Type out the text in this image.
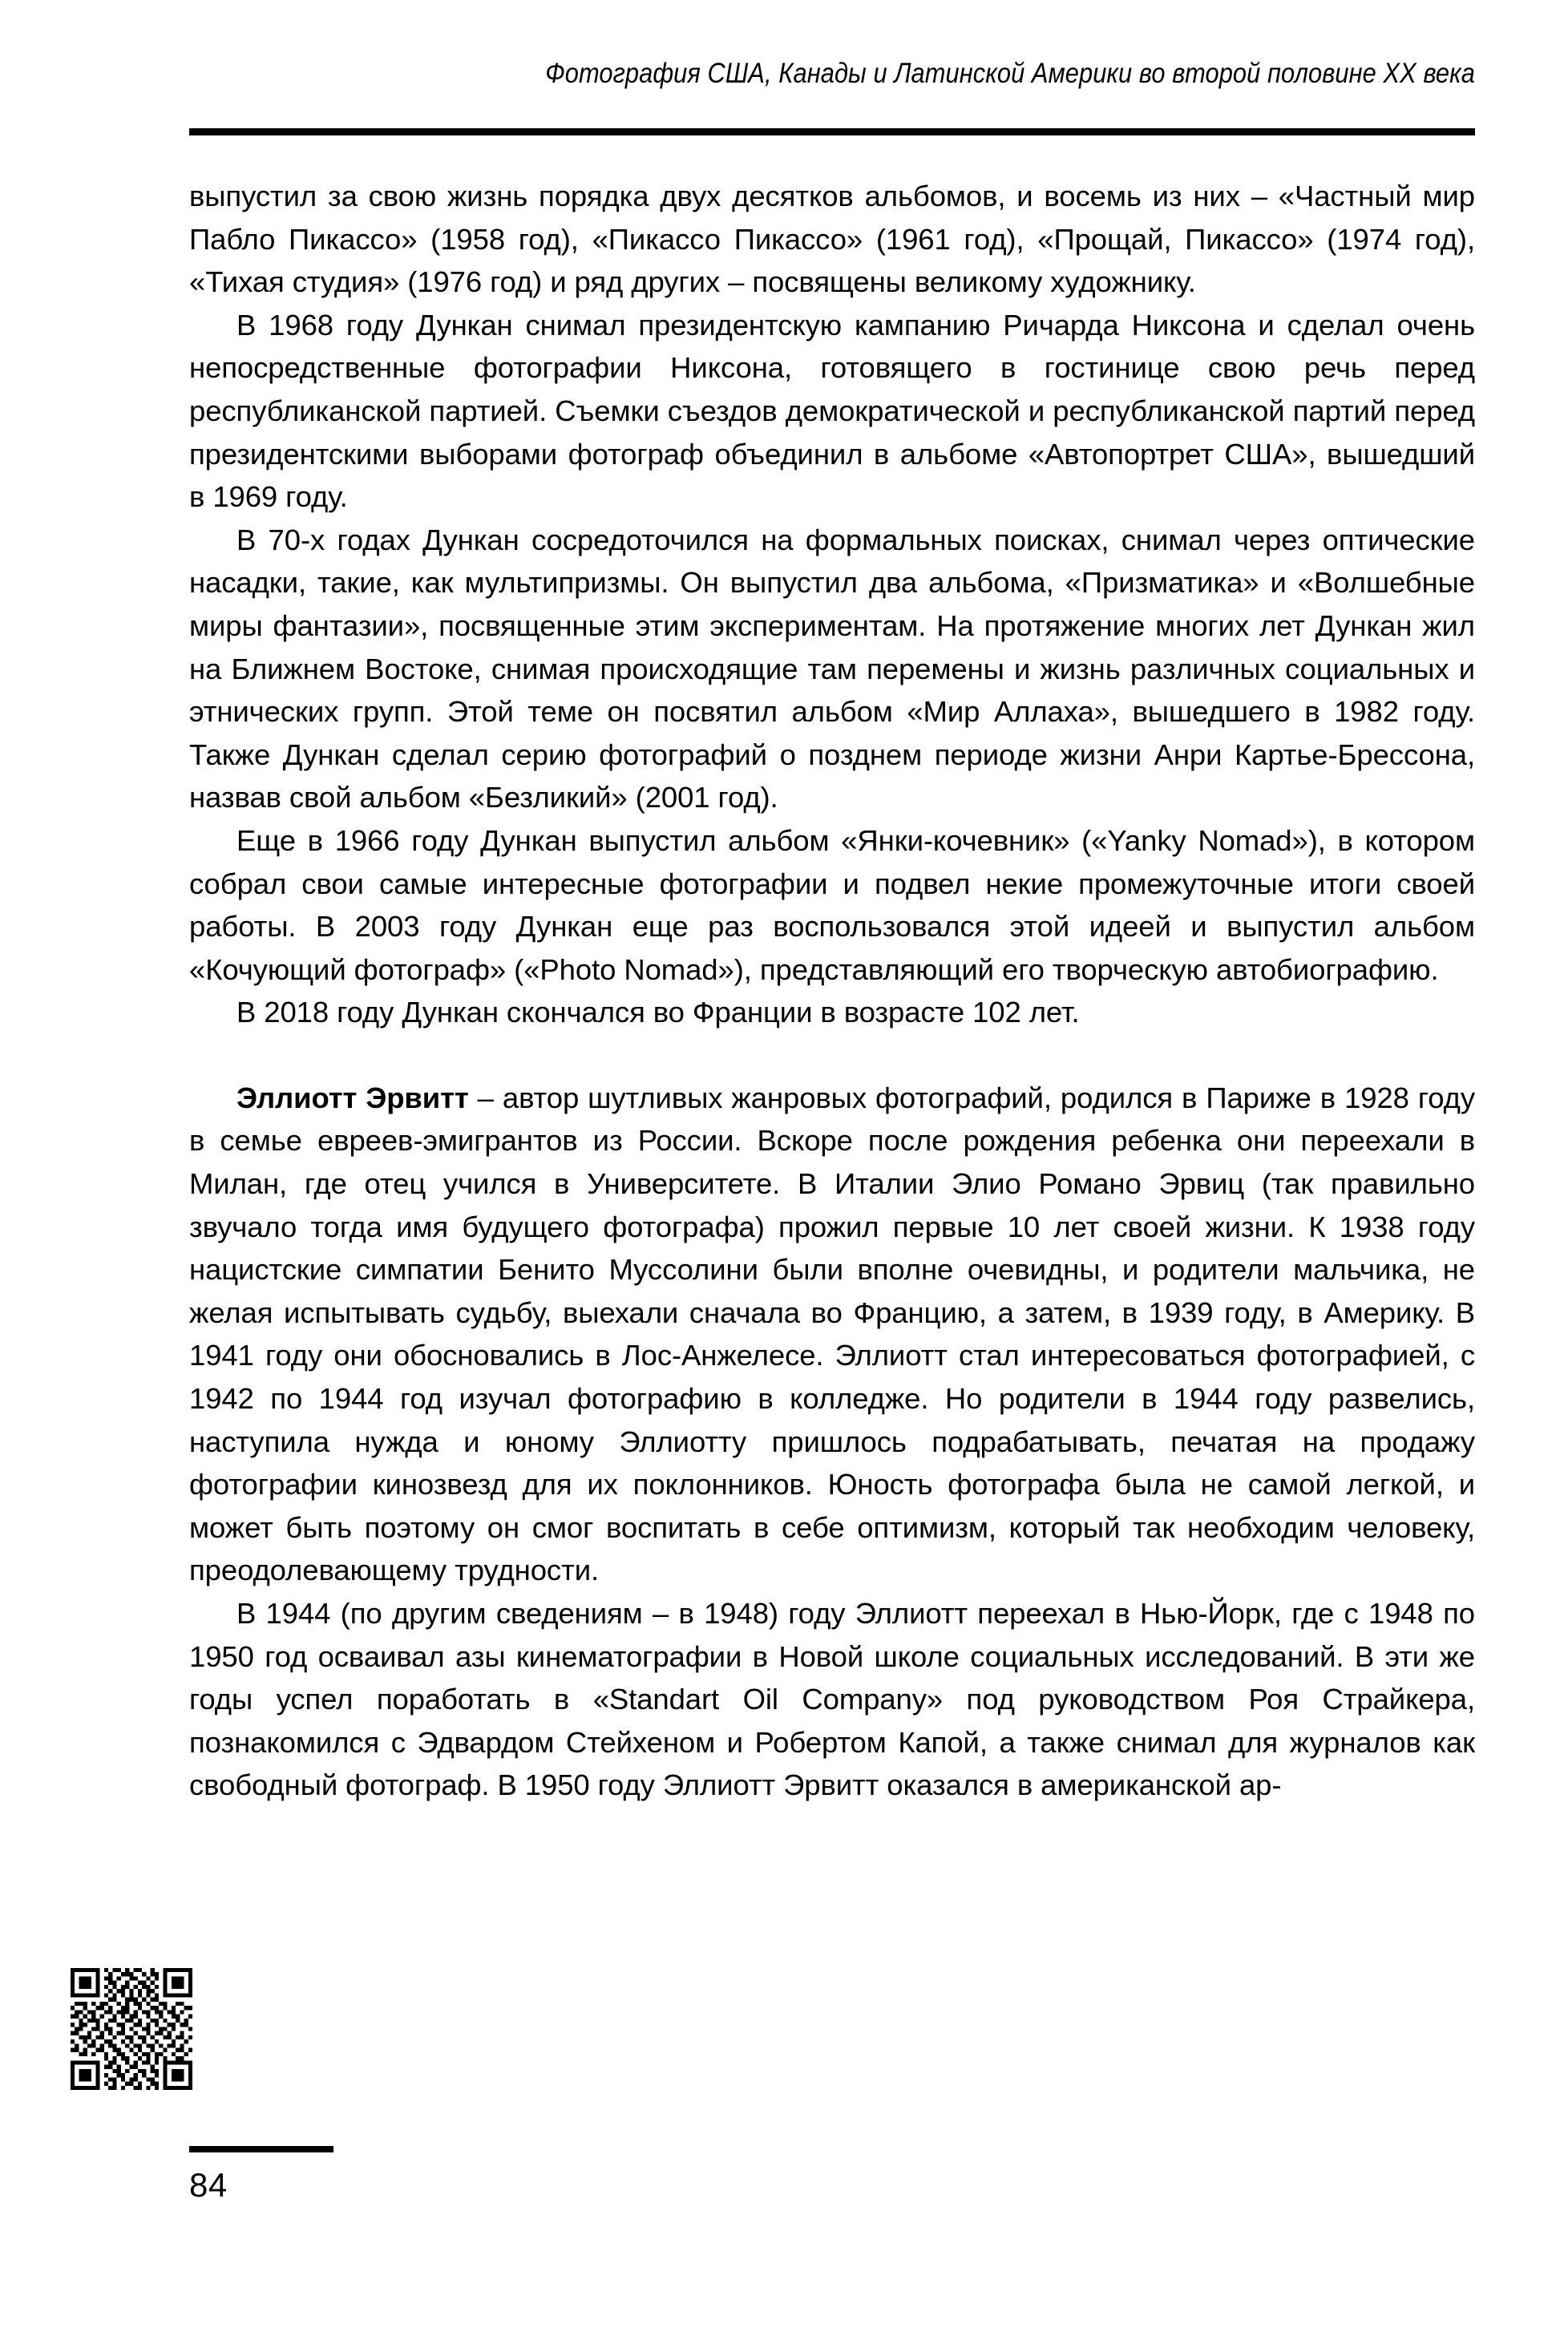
Фотография США, Канады и Латинской Америки во второй половине XX века

выпустил за свою жизнь порядка двух десятков альбомов, и восемь из них – «Частный мир Пабло Пикассо» (1958 год), «Пикассо Пикассо» (1961 год), «Прощай, Пикассо» (1974 год), «Тихая студия» (1976 год) и ряд других – посвящены великому художнику.

В 1968 году Дункан снимал президентскую кампанию Ричарда Никсона и сделал очень непосредственные фотографии Никсона, готовящего в гостинице свою речь перед республиканской партией. Съемки съездов демократической и республиканской партий перед президентскими выборами фотограф объединил в альбоме «Автопортрет США», вышедший в 1969 году.

В 70-х годах Дункан сосредоточился на формальных поисках, снимал через оптические насадки, такие, как мультипризмы. Он выпустил два альбома, «Призматика» и «Волшебные миры фантазии», посвященные этим экспериментам. На протяжение многих лет Дункан жил на Ближнем Востоке, снимая происходящие там перемены и жизнь различных социальных и этнических групп. Этой теме он посвятил альбом «Мир Аллаха», вышедшего в 1982 году. Также Дункан сделал серию фотографий о позднем периоде жизни Анри Картье-Брессона, назвав свой альбом «Безликий» (2001 год).

Еще в 1966 году Дункан выпустил альбом «Янки-кочевник» («Yanky Nomad»), в котором собрал свои самые интересные фотографии и подвел некие промежуточные итоги своей работы. В 2003 году Дункан еще раз воспользовался этой идеей и выпустил альбом «Кочующий фотограф» («Photo Nomad»), представляющий его творческую автобиографию.

В 2018 году Дункан скончался во Франции в возрасте 102 лет.

Эллиотт Эрвитт – автор шутливых жанровых фотографий, родился в Париже в 1928 году в семье евреев-эмигрантов из России. Вскоре после рождения ребенка они переехали в Милан, где отец учился в Университете. В Италии Элио Романо Эрвиц (так правильно звучало тогда имя будущего фотографа) прожил первые 10 лет своей жизни. К 1938 году нацистские симпатии Бенито Муссолини были вполне очевидны, и родители мальчика, не желая испытывать судьбу, выехали сначала во Францию, а затем, в 1939 году, в Америку. В 1941 году они обосновались в Лос-Анжелесе. Эллиотт стал интересоваться фотографией, с 1942 по 1944 год изучал фотографию в колледже. Но родители в 1944 году развелись, наступила нужда и юному Эллиотту пришлось подрабатывать, печатая на продажу фотографии кинозвезд для их поклонников. Юность фотографа была не самой легкой, и может быть поэтому он смог воспитать в себе оптимизм, который так необходим человеку, преодолевающему трудности.

В 1944 (по другим сведениям – в 1948) году Эллиотт переехал в Нью-Йорк, где с 1948 по 1950 год осваивал азы кинематографии в Новой школе социальных исследований. В эти же годы успел поработать в «Standart Oil Company» под руководством Роя Страйкера, познакомился с Эдвардом Стейхеном и Робертом Капой, а также снимал для журналов как свободный фотограф. В 1950 году Эллиотт Эрвитт оказался в американской ар-

84
